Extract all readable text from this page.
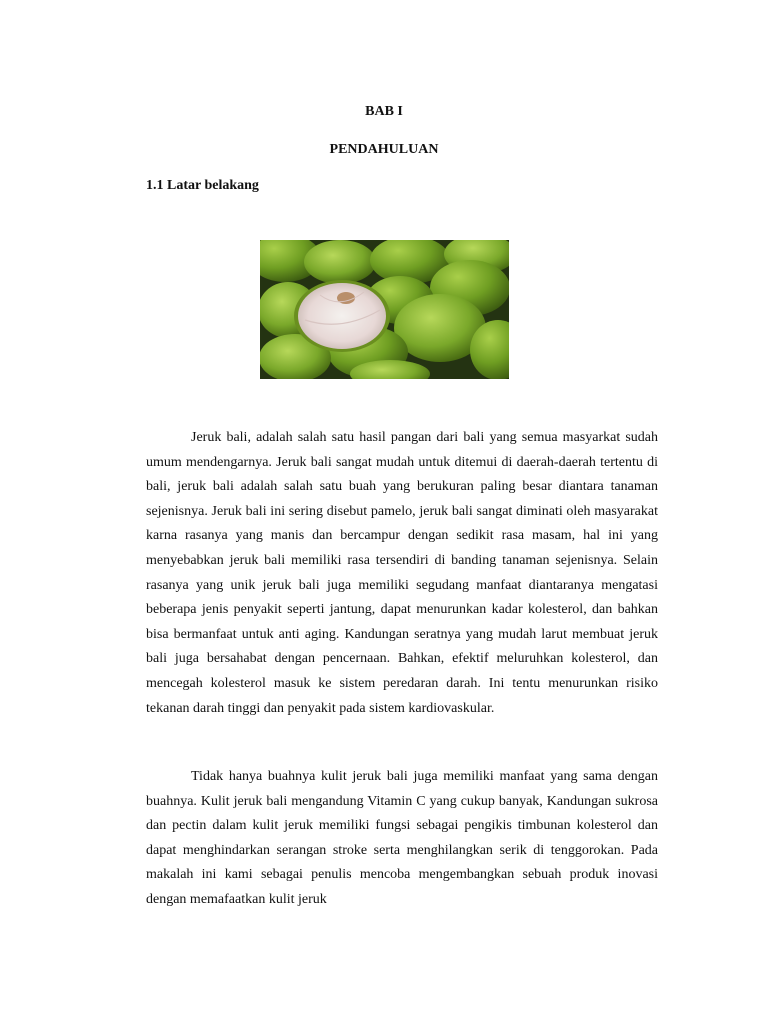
BAB I
PENDAHULUAN
1.1 Latar belakang

Jeruk bali, adalah salah satu hasil pangan dari bali yang semua masyarkat sudah umum mendengarnya. Jeruk bali sangat mudah untuk ditemui di daerah-daerah tertentu di bali, jeruk bali adalah salah satu buah yang berukuran paling besar diantara tanaman sejenisnya. Jeruk bali ini sering disebut pamelo, jeruk bali sangat diminati oleh masyarakat karna rasanya yang manis dan bercampur dengan sedikit rasa masam, hal ini yang menyebabkan jeruk bali memiliki rasa tersendiri di banding tanaman sejenisnya. Selain rasanya yang unik jeruk bali juga memiliki segudang manfaat diantaranya mengatasi beberapa jenis penyakit seperti jantung, dapat menurunkan kadar kolesterol, dan bahkan bisa bermanfaat untuk anti aging. Kandungan seratnya yang mudah larut membuat jeruk bali juga bersahabat dengan pencernaan. Bahkan, efektif meluruhkan kolesterol, dan mencegah kolesterol masuk ke sistem peredaran darah. Ini tentu menurunkan risiko tekanan darah tinggi dan penyakit pada sistem kardiovaskular.

Tidak hanya buahnya kulit jeruk bali juga memiliki manfaat yang sama dengan buahnya. Kulit jeruk bali mengandung Vitamin C yang cukup banyak, Kandungan sukrosa dan pectin dalam kulit jeruk memiliki fungsi sebagai pengikis timbunan kolesterol dan dapat menghindarkan serangan stroke serta menghilangkan serik di tenggorokan. Pada makalah ini kami sebagai penulis mencoba mengembangkan sebuah produk inovasi dengan memafaatkan kulit jeruk
